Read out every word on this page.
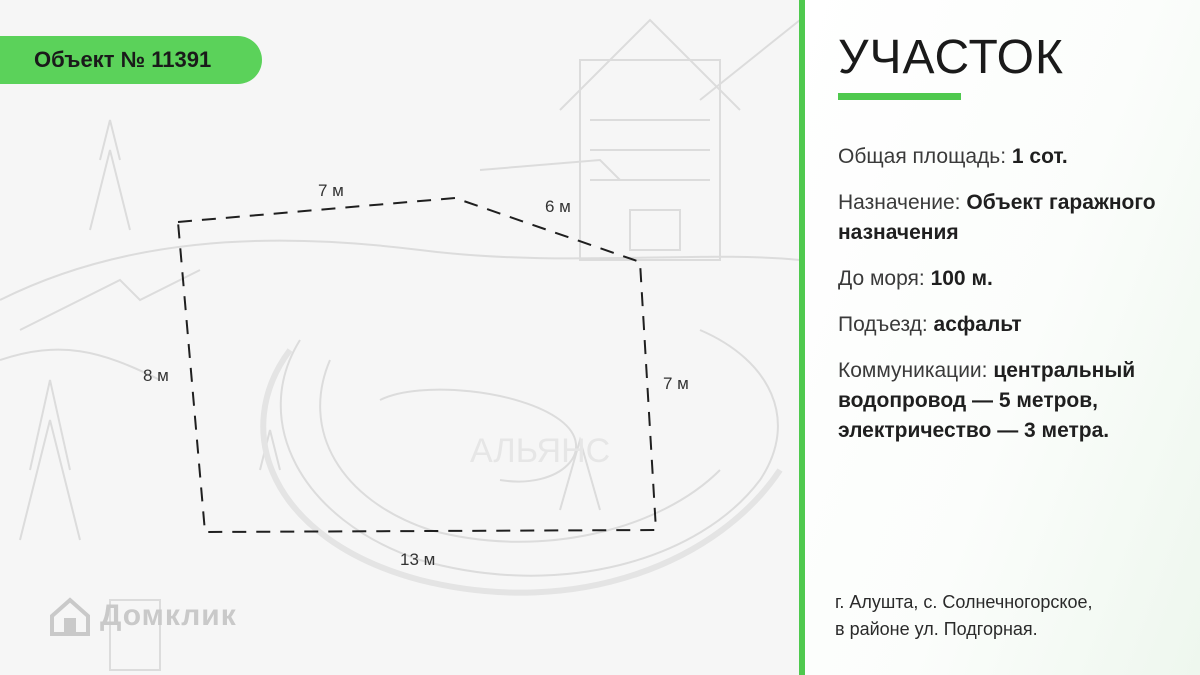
АЛЬЯНС
Объект № 11391
7 м
6 м
8 м	7 м
13 м
Домклик
УЧАСТОК
Общая площадь: 1 сот.
Назначение: Объект гаражного назначения
До моря: 100 м.
Подъезд: асфальт
Коммуникации: центральный водопровод — 5 метров, электричество — 3 метра.
г. Алушта, с. Солнечногорское,
в районе ул. Подгорная.
